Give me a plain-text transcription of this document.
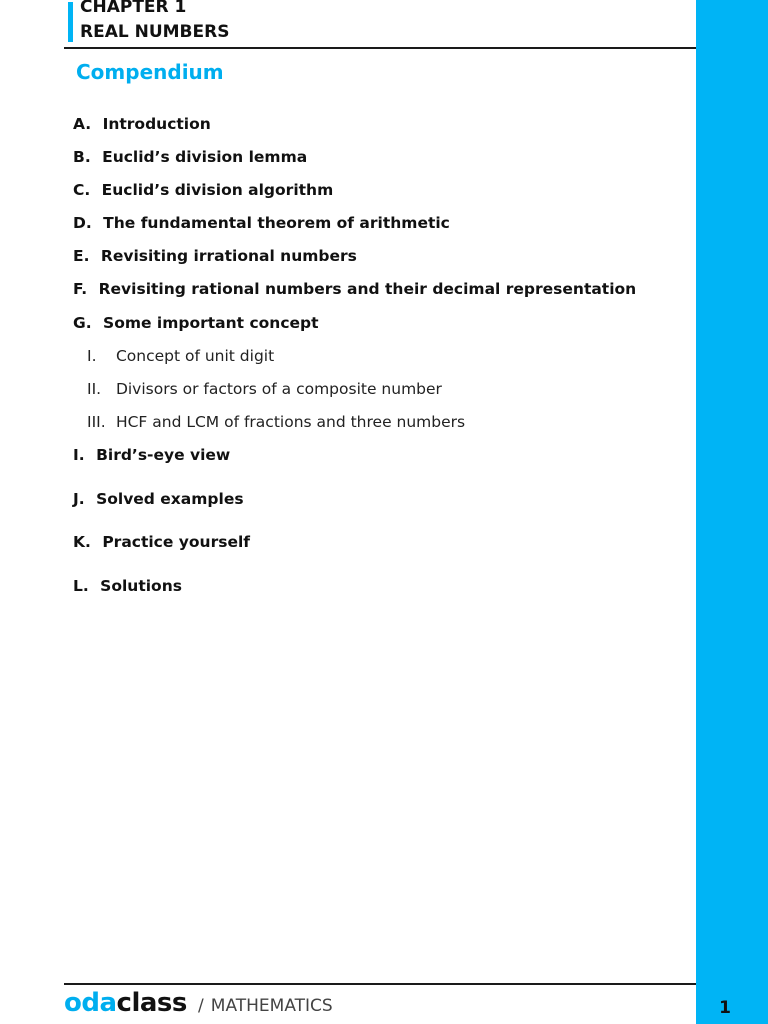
1
CHAPTER 1
REAL NUMBERS
Compendium
A. Introduction
B. Euclid’s division lemma
C. Euclid’s division algorithm
D. The fundamental theorem of arithmetic
E. Revisiting irrational numbers
F. Revisiting rational numbers and their decimal representation
G. Some important concept
I. Concept of unit digit
II. Divisors or factors of a composite number
III. HCF and LCM of fractions and three numbers
I. Bird’s-eye view
J. Solved examples
K. Practice yourself
L. Solutions
odaclass / MATHEMATICS
